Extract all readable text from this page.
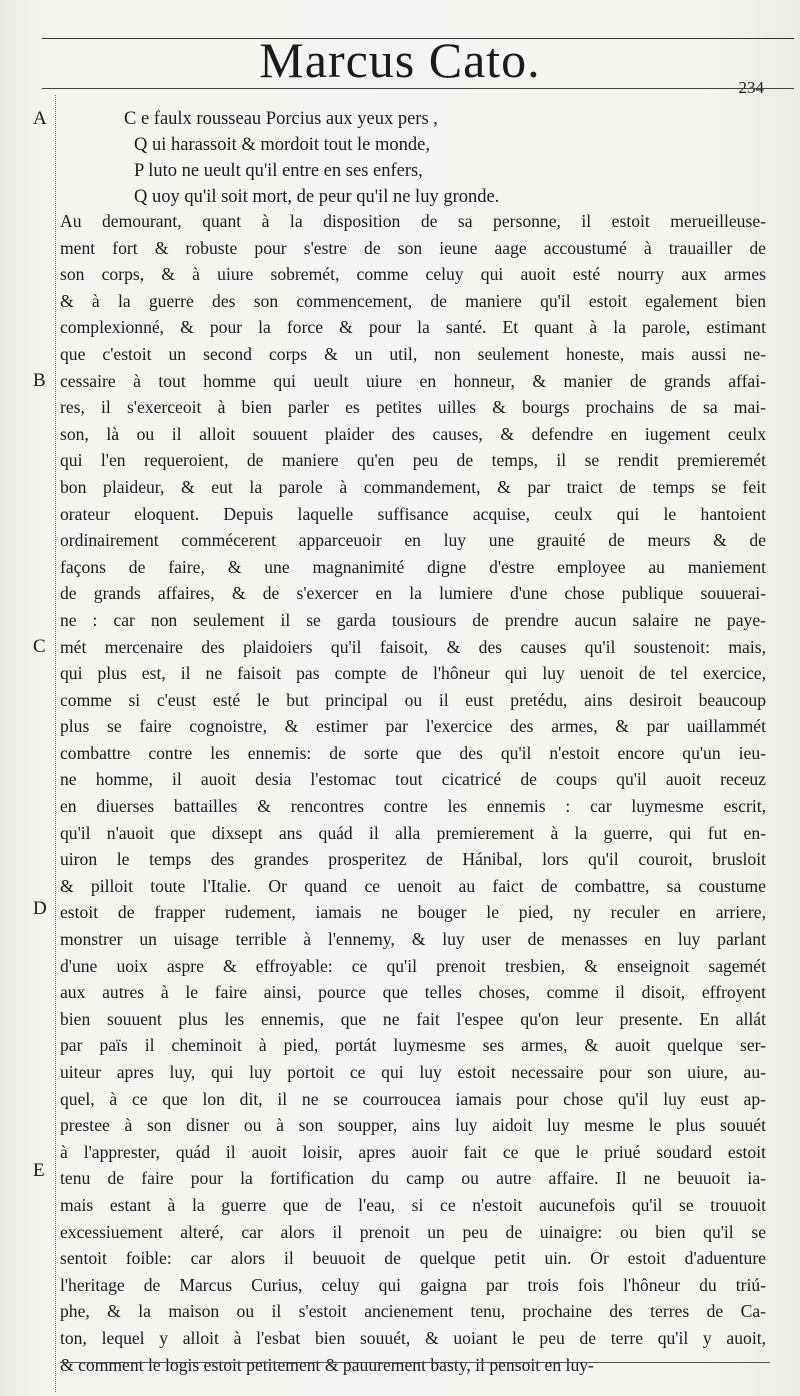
Marcus Cato.	234
A
B
C
D
E
C e faulx rousseau Porcius aux yeux pers ,
Q ui harassoit & mordoit tout le monde,
P luto ne ueult qu'il entre en ses enfers,
Q uoy qu'il soit mort, de peur qu'il ne luy gronde.
Au demourant, quant à la disposition de sa personne, il estoit merueilleuse-
ment fort & robuste pour s'estre de son ieune aage accoustumé à trauailler de
son corps, & à uiure sobremét, comme celuy qui auoit esté nourry aux armes
& à la guerre des son commencement, de maniere qu'il estoit egalement bien
complexionné, & pour la force & pour la santé. Et quant à la parole, estimant
que c'estoit un second corps & un util, non seulement honeste, mais aussi ne-
cessaire à tout homme qui ueult uiure en honneur, & manier de grands affai-
res, il s'exerceoit à bien parler es petites uilles & bourgs prochains de sa mai-
son, là ou il alloit souuent plaider des causes, & defendre en iugement ceulx
qui l'en requeroient, de maniere qu'en peu de temps, il se rendit premieremét
bon plaideur, & eut la parole à commandement, & par traict de temps se feit
orateur eloquent. Depuis laquelle suffisance acquise, ceulx qui le hantoient
ordinairement commécerent apparceuoir en luy une grauité de meurs & de
façons de faire, & une magnanimité digne d'estre employee au maniement
de grands affaires, & de s'exercer en la lumiere d'une chose publique souuerai-
ne : car non seulement il se garda tousiours de prendre aucun salaire ne paye-
mét mercenaire des plaidoiers qu'il faisoit, & des causes qu'il soustenoit: mais,
qui plus est, il ne faisoit pas compte de l'hôneur qui luy uenoit de tel exercice,
comme si c'eust esté le but principal ou il eust pretédu, ains desiroit beaucoup
plus se faire cognoistre, & estimer par l'exercice des armes, & par uaillammét
combattre contre les ennemis: de sorte que des qu'il n'estoit encore qu'un ieu-
ne homme, il auoit desia l'estomac tout cicatricé de coups qu'il auoit receuz
en diuerses battailles & rencontres contre les ennemis : car luymesme escrit,
qu'il n'auoit que dixsept ans quád il alla premierement à la guerre, qui fut en-
uiron le temps des grandes prosperitez de Hánibal, lors qu'il couroit, brusloit
& pilloit toute l'Italie. Or quand ce uenoit au faict de combattre, sa coustume
estoit de frapper rudement, iamais ne bouger le pied, ny reculer en arriere,
monstrer un uisage terrible à l'ennemy, & luy user de menasses en luy parlant
d'une uoix aspre & effroyable: ce qu'il prenoit tresbien, & enseignoit sagemét
aux autres à le faire ainsi, pource que telles choses, comme il disoit, effroyent
bien souuent plus les ennemis, que ne fait l'espee qu'on leur presente. En allát
par païs il cheminoit à pied, portát luymesme ses armes, & auoit quelque ser-
uiteur apres luy, qui luy portoit ce qui luy estoit necessaire pour son uiure, au-
quel, à ce que lon dit, il ne se courroucea iamais pour chose qu'il luy eust ap-
prestee à son disner ou à son soupper, ains luy aidoit luy mesme le plus souuét
à l'apprester, quád il auoit loisir, apres auoir fait ce que le priué soudard estoit
tenu de faire pour la fortification du camp ou autre affaire. Il ne beuuoit ia-
mais estant à la guerre que de l'eau, si ce n'estoit aucunefois qu'il se trouuoit
excessiuement alteré, car alors il prenoit un peu de uinaigre: ou bien qu'il se
sentoit foible: car alors il beuuoit de quelque petit uin. Or estoit d'aduenture
l'heritage de Marcus Curius, celuy qui gaigna par trois fois l'hôneur du triú-
phe, & la maison ou il s'estoit ancienement tenu, prochaine des terres de Ca-
ton, lequel y alloit à l'esbat bien souuét, & uoiant le peu de terre qu'il y auoit,
& comment le logis estoit petitement & pauurement basty, il pensoit en luy-
